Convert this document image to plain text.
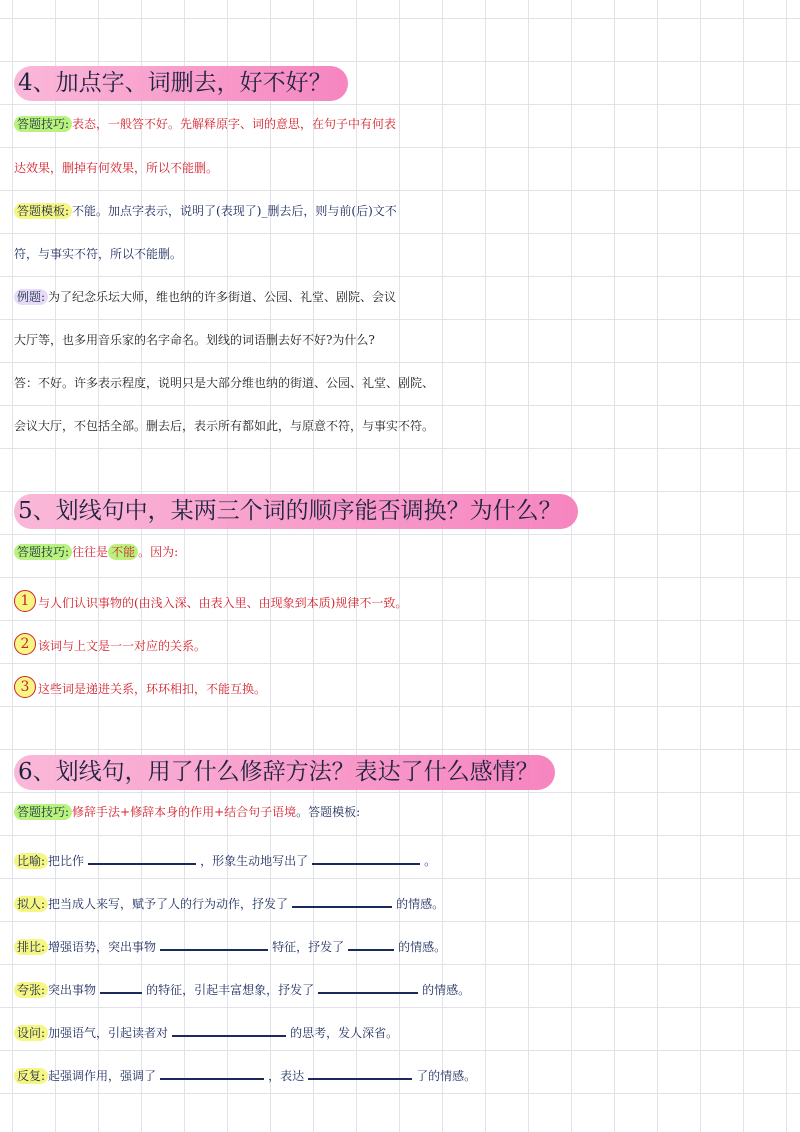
4、加点字、词删去，好不好？
答题技巧: 表态，一般答不好。先解释原字、词的意思，在句子中有何表
达效果，删掉有何效果，所以不能删。
答题模板: 不能。加点字表示，说明了(表现了)_删去后，则与前(后)文不
符，与事实不符，所以不能删。
例题: 为了纪念乐坛大师，维也纳的许多街道、公园、礼堂、剧院、会议
大厅等，也多用音乐家的名字命名。划线的词语删去好不好?为什么?
答：不好。许多表示程度，说明只是大部分维也纳的街道、公园、礼堂、剧院、
会议大厅，不包括全部。删去后，表示所有都如此，与原意不符，与事实不符。
5、划线句中，某两三个词的顺序能否调换？为什么？
答题技巧: 往往是 不能 。因为:
1 与人们认识事物的(由浅入深、由表入里、由现象到本质)规律不一致。
2 该词与上文是一一对应的关系。
3 这些词是递进关系，环环相扣，不能互换。
6、划线句，用了什么修辞方法？表达了什么感情？
答题技巧: 修辞手法+修辞本身的作用+结合句子语境。答题模板:
比喻: 把比作	，形象生动地写出了	。
拟人: 把当成人来写，赋予了人的行为动作，抒发了	的情感。
排比: 增强语势，突出事物	特征，抒发了	的情感。
夸张: 突出事物	的特征，引起丰富想象，抒发了	的情感。
设问: 加强语气，引起读者对	的思考，发人深省。
反复: 起强调作用，强调了	，表达	了的情感。
